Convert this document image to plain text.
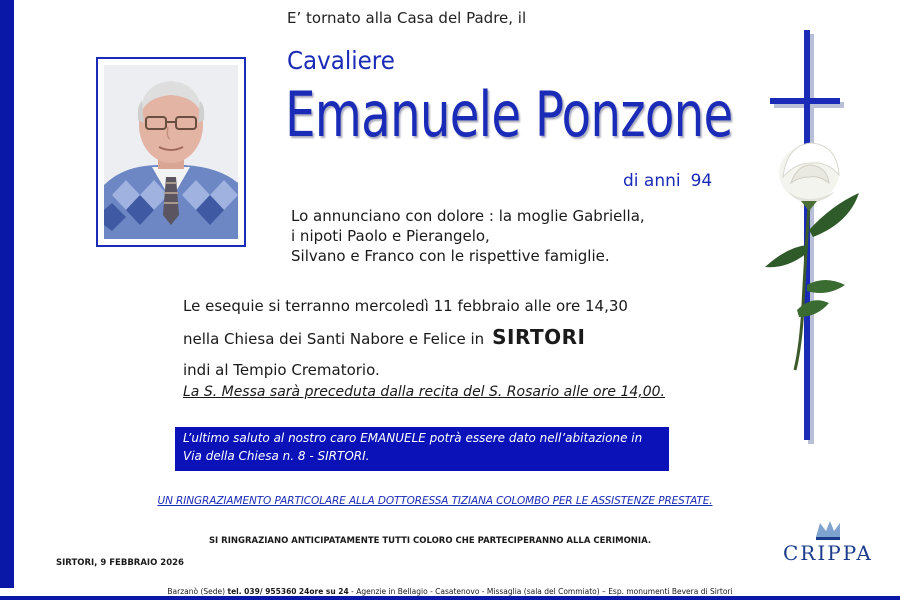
E’ tornato alla Casa del Padre, il
Cavaliere
Emanuele Ponzone
di anni 94
Lo annunciano con dolore : la moglie Gabriella,
i nipoti Paolo e Pierangelo,
Silvano e Franco con le rispettive famiglie.
Le esequie si terranno mercoledì 11 febbraio alle ore 14,30
nella Chiesa dei Santi Nabore e Felice in SIRTORI
indi al Tempio Crematorio.
La S. Messa sarà preceduta dalla recita del S. Rosario alle ore 14,00.
L’ultimo saluto al nostro caro EMANUELE potrà essere dato nell’abitazione in
Via della Chiesa n. 8 - SIRTORI.
UN RINGRAZIAMENTO PARTICOLARE ALLA DOTTORESSA TIZIANA COLOMBO PER LE ASSISTENZE PRESTATE.
SI RINGRAZIANO ANTICIPATAMENTE TUTTI COLORO CHE PARTECIPERANNO ALLA CERIMONIA.
SIRTORI, 9 FEBBRAIO 2026	CRIPPA
Barzanò (Sede) tel. 039/ 955360 24ore su 24 - Agenzie in Bellagio - Casatenovo - Missaglia (sala del Commiato) – Esp. monumenti Bevera di Sirtori
